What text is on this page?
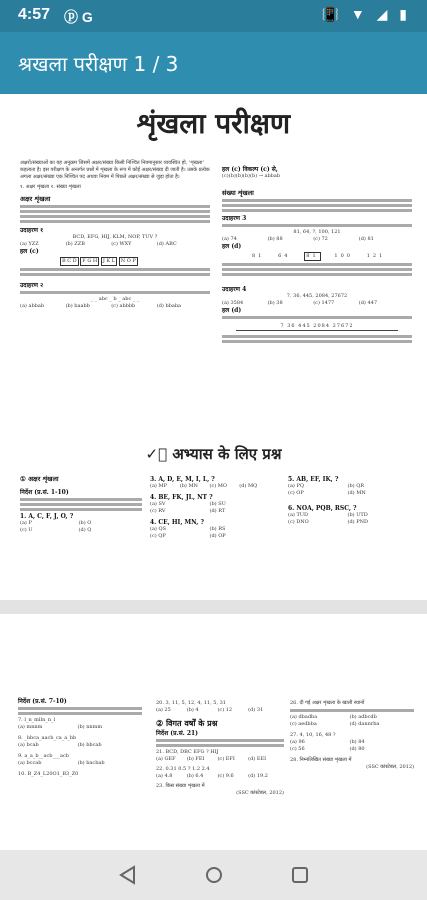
4:57 ⓟ G	📳 ▼ ◢ ▮
श्रखला परीक्षण 1 / 3
शृंखला परीक्षण
अक्षरों/संख्याओं का यह अनुक्रम जिसमें अक्षर/संख्या किसी निश्चित नियमानुसार व्यवस्थित हो, 'शृंखला' कहलाता है। इस परीक्षण के अन्तर्गत प्रश्नों में शृंखला के रूप में कोई अक्षर/संख्या दी जाती है। उसके प्रत्येक अगला अक्षर/संख्या एक निश्चित पद अथवा नियम में पिछले अक्षर/संख्या से जुड़ा होता है।
१. अक्षर शृंखला २. संख्या शृंखला
अक्षर शृंखला
उदाहरण १
BCD, EFG, HIJ, KLM, NOP, TUV ?
(a) YZZ	(b) ZZB	(c) WXY	(d) ABC
हल (c)
B C D F G H J K L N O P
उदाहरण २
_ _ abc _ b _ abc _ _
(a) abbab	(b) baabb	(c) abbbb	(d) bbaba
हल (c) विकल्प (c) से,
(c)(b)(b)(b)(b) → abbab
संख्या शृंखला
उदाहरण 3
81, 64, ?, 100, 121
(a) 74	(b) 88	(c) 72	(d) 81
हल (d)
81   64   81   100   121
उदाहरण 4
7, 36, 445, 2084, 27672
(a) 3584	(b) 38	(c) 1477	(d) 447
हल (d)
7 36 445 2084 27672
✓⃝ अभ्यास के लिए प्रश्न
① अक्षर शृंखला
निर्देश (प्र.सं. 1-10)
1. A, C, F, J, O, ?
(a) P	(b) O (c) U	(d) Q
3. A, D, E, M, I, L, ?
(a) MP	(b) MN (c) MO (d) MQ
4. BE, FK, JL, NT ?
(a) SV	(b) SU (c) RV	(d) RT
4. CE, HI, MN, ?
(a) QS	(b) RS (c) QP	(d) OP
5. AB, EF, IK, ?
(a) PQ	(b) QR (c) OP	(d) MN
6. NOA, PQB, RSC, ?
(a) TUD	(b) UTD (c) DNO	(d) PND
निर्देश (प्र.सं. 7-10)
7. l_n_mlln_n_l
(a) mnnm	(b) nnmm
8. _bbca_aacb_ca_a_bb
(a) bcab	(b) bbcab
9. a_a_b__acb___acb
(a) bccab	(b) bacbab
10. B_Z4_L20O1_B3_Z0
20. 3, 11, 5, 12, 4, 11, 5, 31
(a) 25	(b) 4	(c) 12	(d) 31
② विगत वर्षों के प्रश्न
निर्देश (प्र.सं. 21)
21. BCD, DBC EFG ? HIJ
(a) GEF (b) FEI	(c) EFI	(d) EEI
22. 0.31 0.5 ? 1.2 2.4
(a) 4.8	(b) 6.4	(c) 9.6	(d) 19.2
23. किस संख्या शृंखला में
(SSC कांस्टेबल, 2012)
26. दी गई अक्षर शृंखला के खाली स्थानों
(a) dbadba	(b) adbcdb (c) aedbba	(d) dannrba
27. 4, 10, 16, 48 ?
(a) 96	(b) 84 (c) 56	(d) 80
28. निम्नलिखित संख्या शृंखला में
(SSC कांस्टेबल, 2012)
